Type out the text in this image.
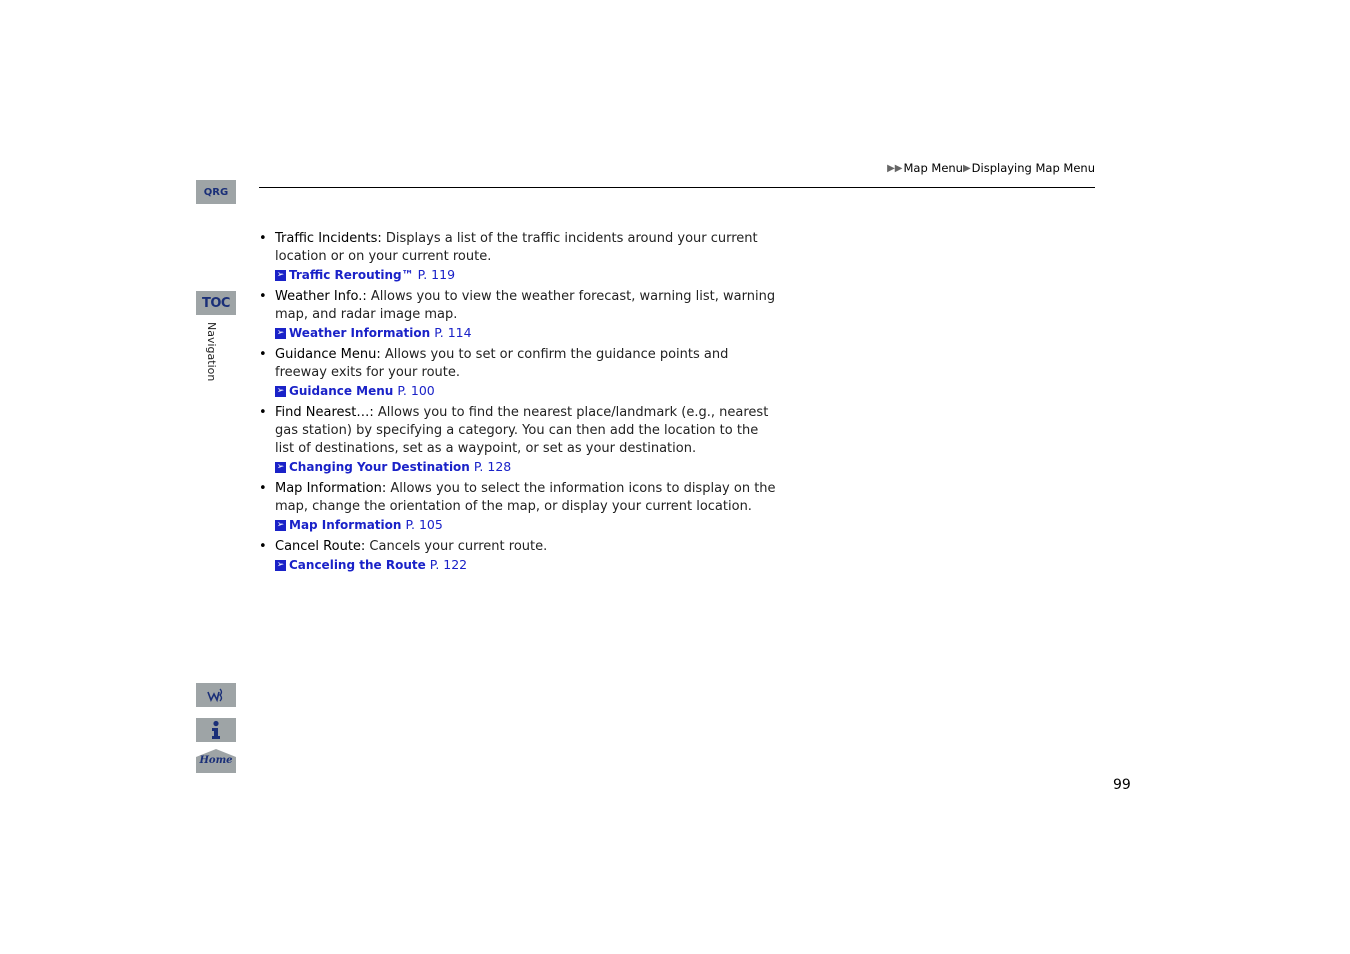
▶▶ Map Menu ▶ Displaying Map Menu
QRG
TOC
Navigation
Home
• Traffic Incidents: Displays a list of the traffic incidents around your current location or on your current route.
➢ Traffic Rerouting™ P. 119
• Weather Info.: Allows you to view the weather forecast, warning list, warning map, and radar image map.
➢ Weather Information P. 114
• Guidance Menu: Allows you to set or confirm the guidance points and freeway exits for your route.
➢ Guidance Menu P. 100
• Find Nearest…: Allows you to find the nearest place/landmark (e.g., nearest gas station) by specifying a category. You can then add the location to the list of destinations, set as a waypoint, or set as your destination.
➢ Changing Your Destination P. 128
• Map Information: Allows you to select the information icons to display on the map, change the orientation of the map, or display your current location.
➢ Map Information P. 105
• Cancel Route: Cancels your current route.
➢ Canceling the Route P. 122
99
